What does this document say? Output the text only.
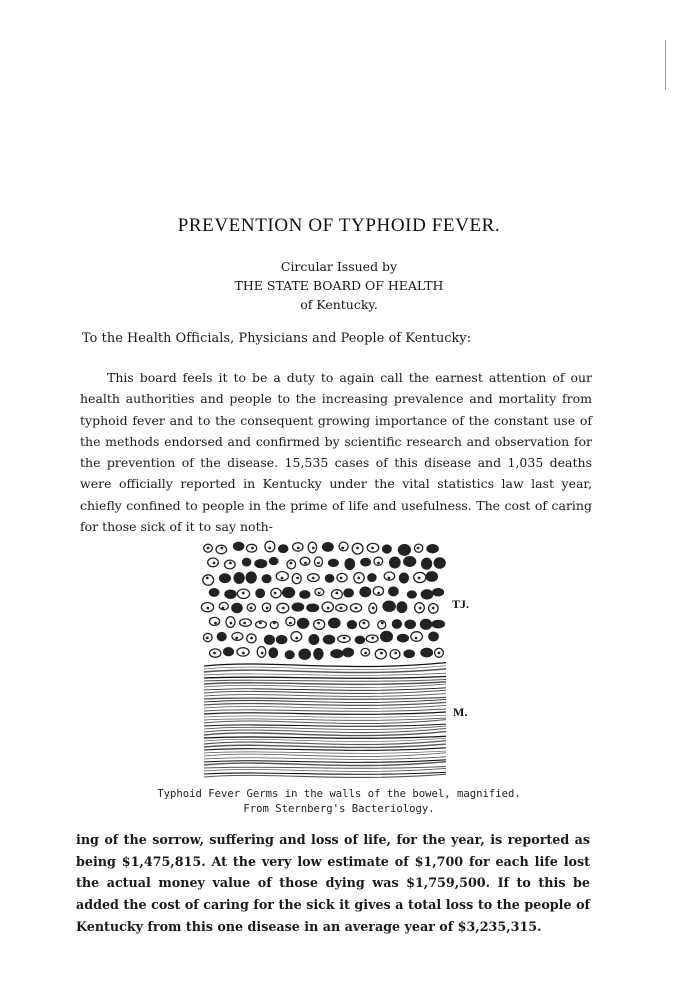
PREVENTION OF TYPHOID FEVER.
Circular Issued by
THE STATE BOARD OF HEALTH
of Kentucky.
To the Health Officials, Physicians and People of Kentucky:

This board feels it to be a duty to again call the earnest attention of our health authorities and people to the increasing prevalence and mortality from typhoid fever and to the consequent growing importance of the constant use of the methods endorsed and confirmed by scientific research and observation for the prevention of the disease. 15,535 cases of this disease and 1,035 deaths were officially reported in Kentucky under the vital statistics law last year, chiefly confined to people in the prime of life and usefulness. The cost of caring for those sick of it to say noth-

TJ.
M.
Typhoid Fever Germs in the walls of the bowel, magnified.
From Sternberg's Bacteriology.

ing of the sorrow, suffering and loss of life, for the year, is reported as being $1,475,815. At the very low estimate of $1,700 for each life lost the actual money value of those dying was $1,759,500. If to this be added the cost of caring for the sick it gives a total loss to the people of Kentucky from this one disease in an average year of $3,235,315.
